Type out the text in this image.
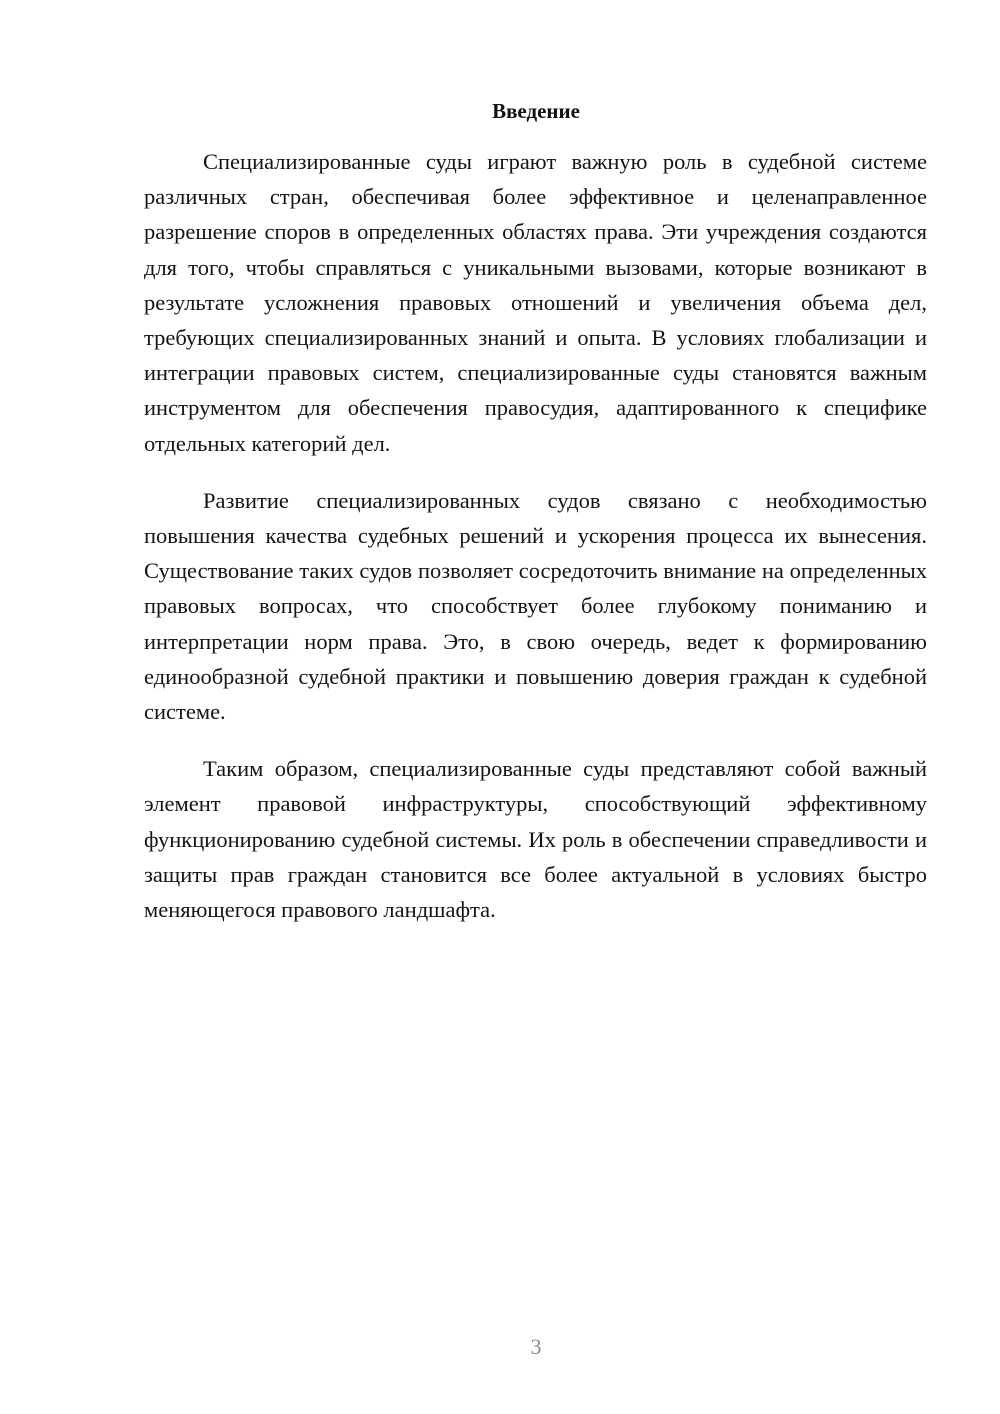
Введение

Специализированные суды играют важную роль в судебной системе различных стран, обеспечивая более эффективное и целенаправленное разрешение споров в определенных областях права. Эти учреждения создаются для того, чтобы справляться с уникальными вызовами, которые возникают в результате усложнения правовых отношений и увеличения объема дел, требующих специализированных знаний и опыта. В условиях глобализации и интеграции правовых систем, специализированные суды становятся важным инструментом для обеспечения правосудия, адаптированного к специфике отдельных категорий дел.

Развитие специализированных судов связано с необходимостью повышения качества судебных решений и ускорения процесса их вынесения. Существование таких судов позволяет сосредоточить внимание на определенных правовых вопросах, что способствует более глубокому пониманию и интерпретации норм права. Это, в свою очередь, ведет к формированию единообразной судебной практики и повышению доверия граждан к судебной системе.

Таким образом, специализированные суды представляют собой важный элемент правовой инфраструктуры, способствующий эффективному функционированию судебной системы. Их роль в обеспечении справедливости и защиты прав граждан становится все более актуальной в условиях быстро меняющегося правового ландшафта.

3
